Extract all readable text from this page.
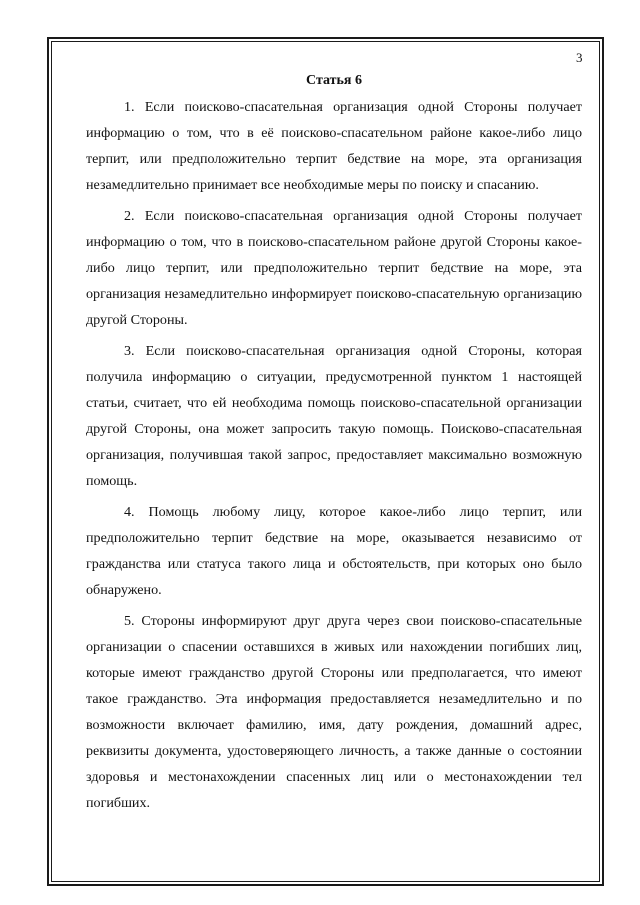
3
Статья 6

1. Если поисково-спасательная организация одной Стороны получает информацию о том, что в её поисково-спасательном районе какое-либо лицо терпит, или предположительно терпит бедствие на море, эта организация незамедлительно принимает все необходимые меры по поиску и спасанию.

2. Если поисково-спасательная организация одной Стороны получает информацию о том, что в поисково-спасательном районе другой Стороны какое-либо лицо терпит, или предположительно терпит бедствие на море, эта организация незамедлительно информирует поисково-спасательную организацию другой Стороны.

3. Если поисково-спасательная организация одной Стороны, которая получила информацию о ситуации, предусмотренной пунктом 1 настоящей статьи, считает, что ей необходима помощь поисково-спасательной организации другой Стороны, она может запросить такую помощь. Поисково-спасательная организация, получившая такой запрос, предоставляет максимально возможную помощь.

4. Помощь любому лицу, которое какое-либо лицо терпит, или предположительно терпит бедствие на море, оказывается независимо от гражданства или статуса такого лица и обстоятельств, при которых оно было обнаружено.

5. Стороны информируют друг друга через свои поисково-спасательные организации о спасении оставшихся в живых или нахождении погибших лиц, которые имеют гражданство другой Стороны или предполагается, что имеют такое гражданство. Эта информация предоставляется незамедлительно и по возможности включает фамилию, имя, дату рождения, домашний адрес, реквизиты документа, удостоверяющего личность, а также данные о состоянии здоровья и местонахождении спасенных лиц или о местонахождении тел погибших.
